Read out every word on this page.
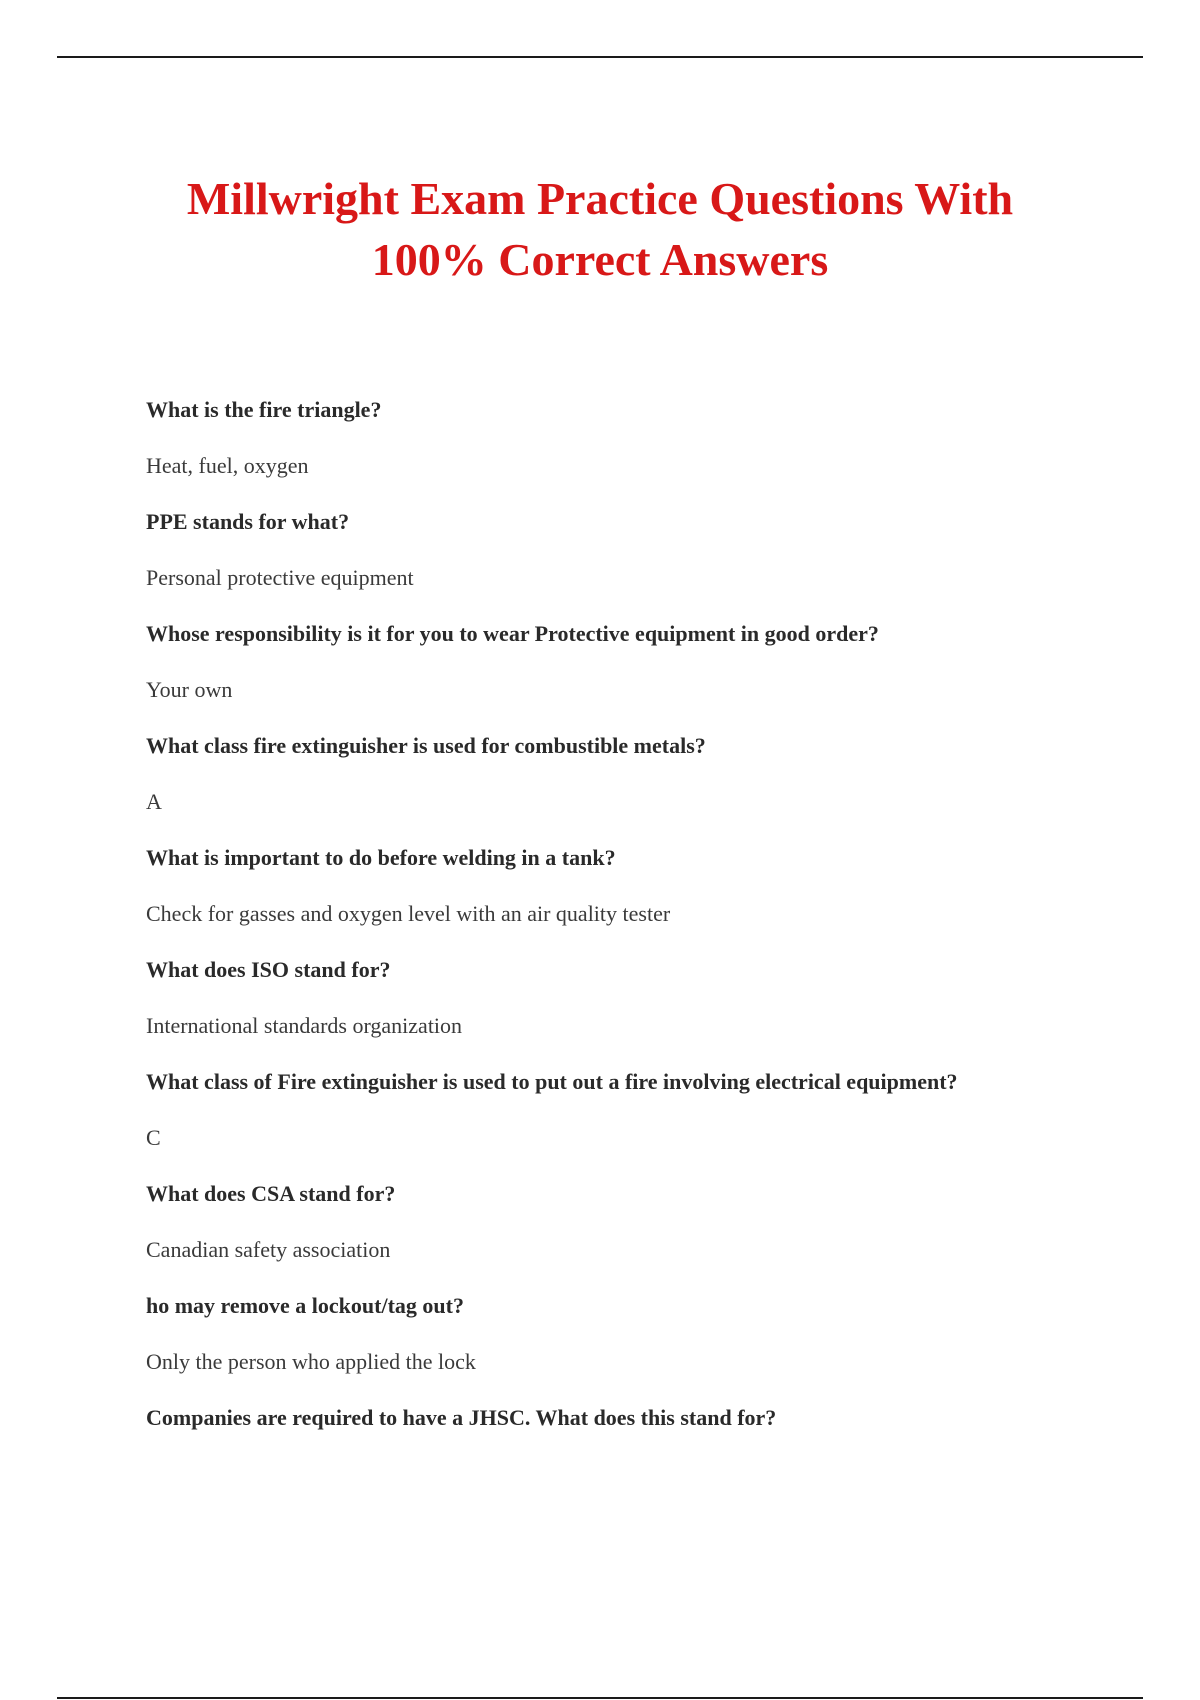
Millwright Exam Practice Questions With
100% Correct Answers
What is the fire triangle?
Heat, fuel, oxygen
PPE stands for what?
Personal protective equipment
Whose responsibility is it for you to wear Protective equipment in good order?
Your own
What class fire extinguisher is used for combustible metals?
A
What is important to do before welding in a tank?
Check for gasses and oxygen level with an air quality tester
What does ISO stand for?
International standards organization
What class of Fire extinguisher is used to put out a fire involving electrical equipment?
C
What does CSA stand for?
Canadian safety association
ho may remove a lockout/tag out?
Only the person who applied the lock
Companies are required to have a JHSC. What does this stand for?
